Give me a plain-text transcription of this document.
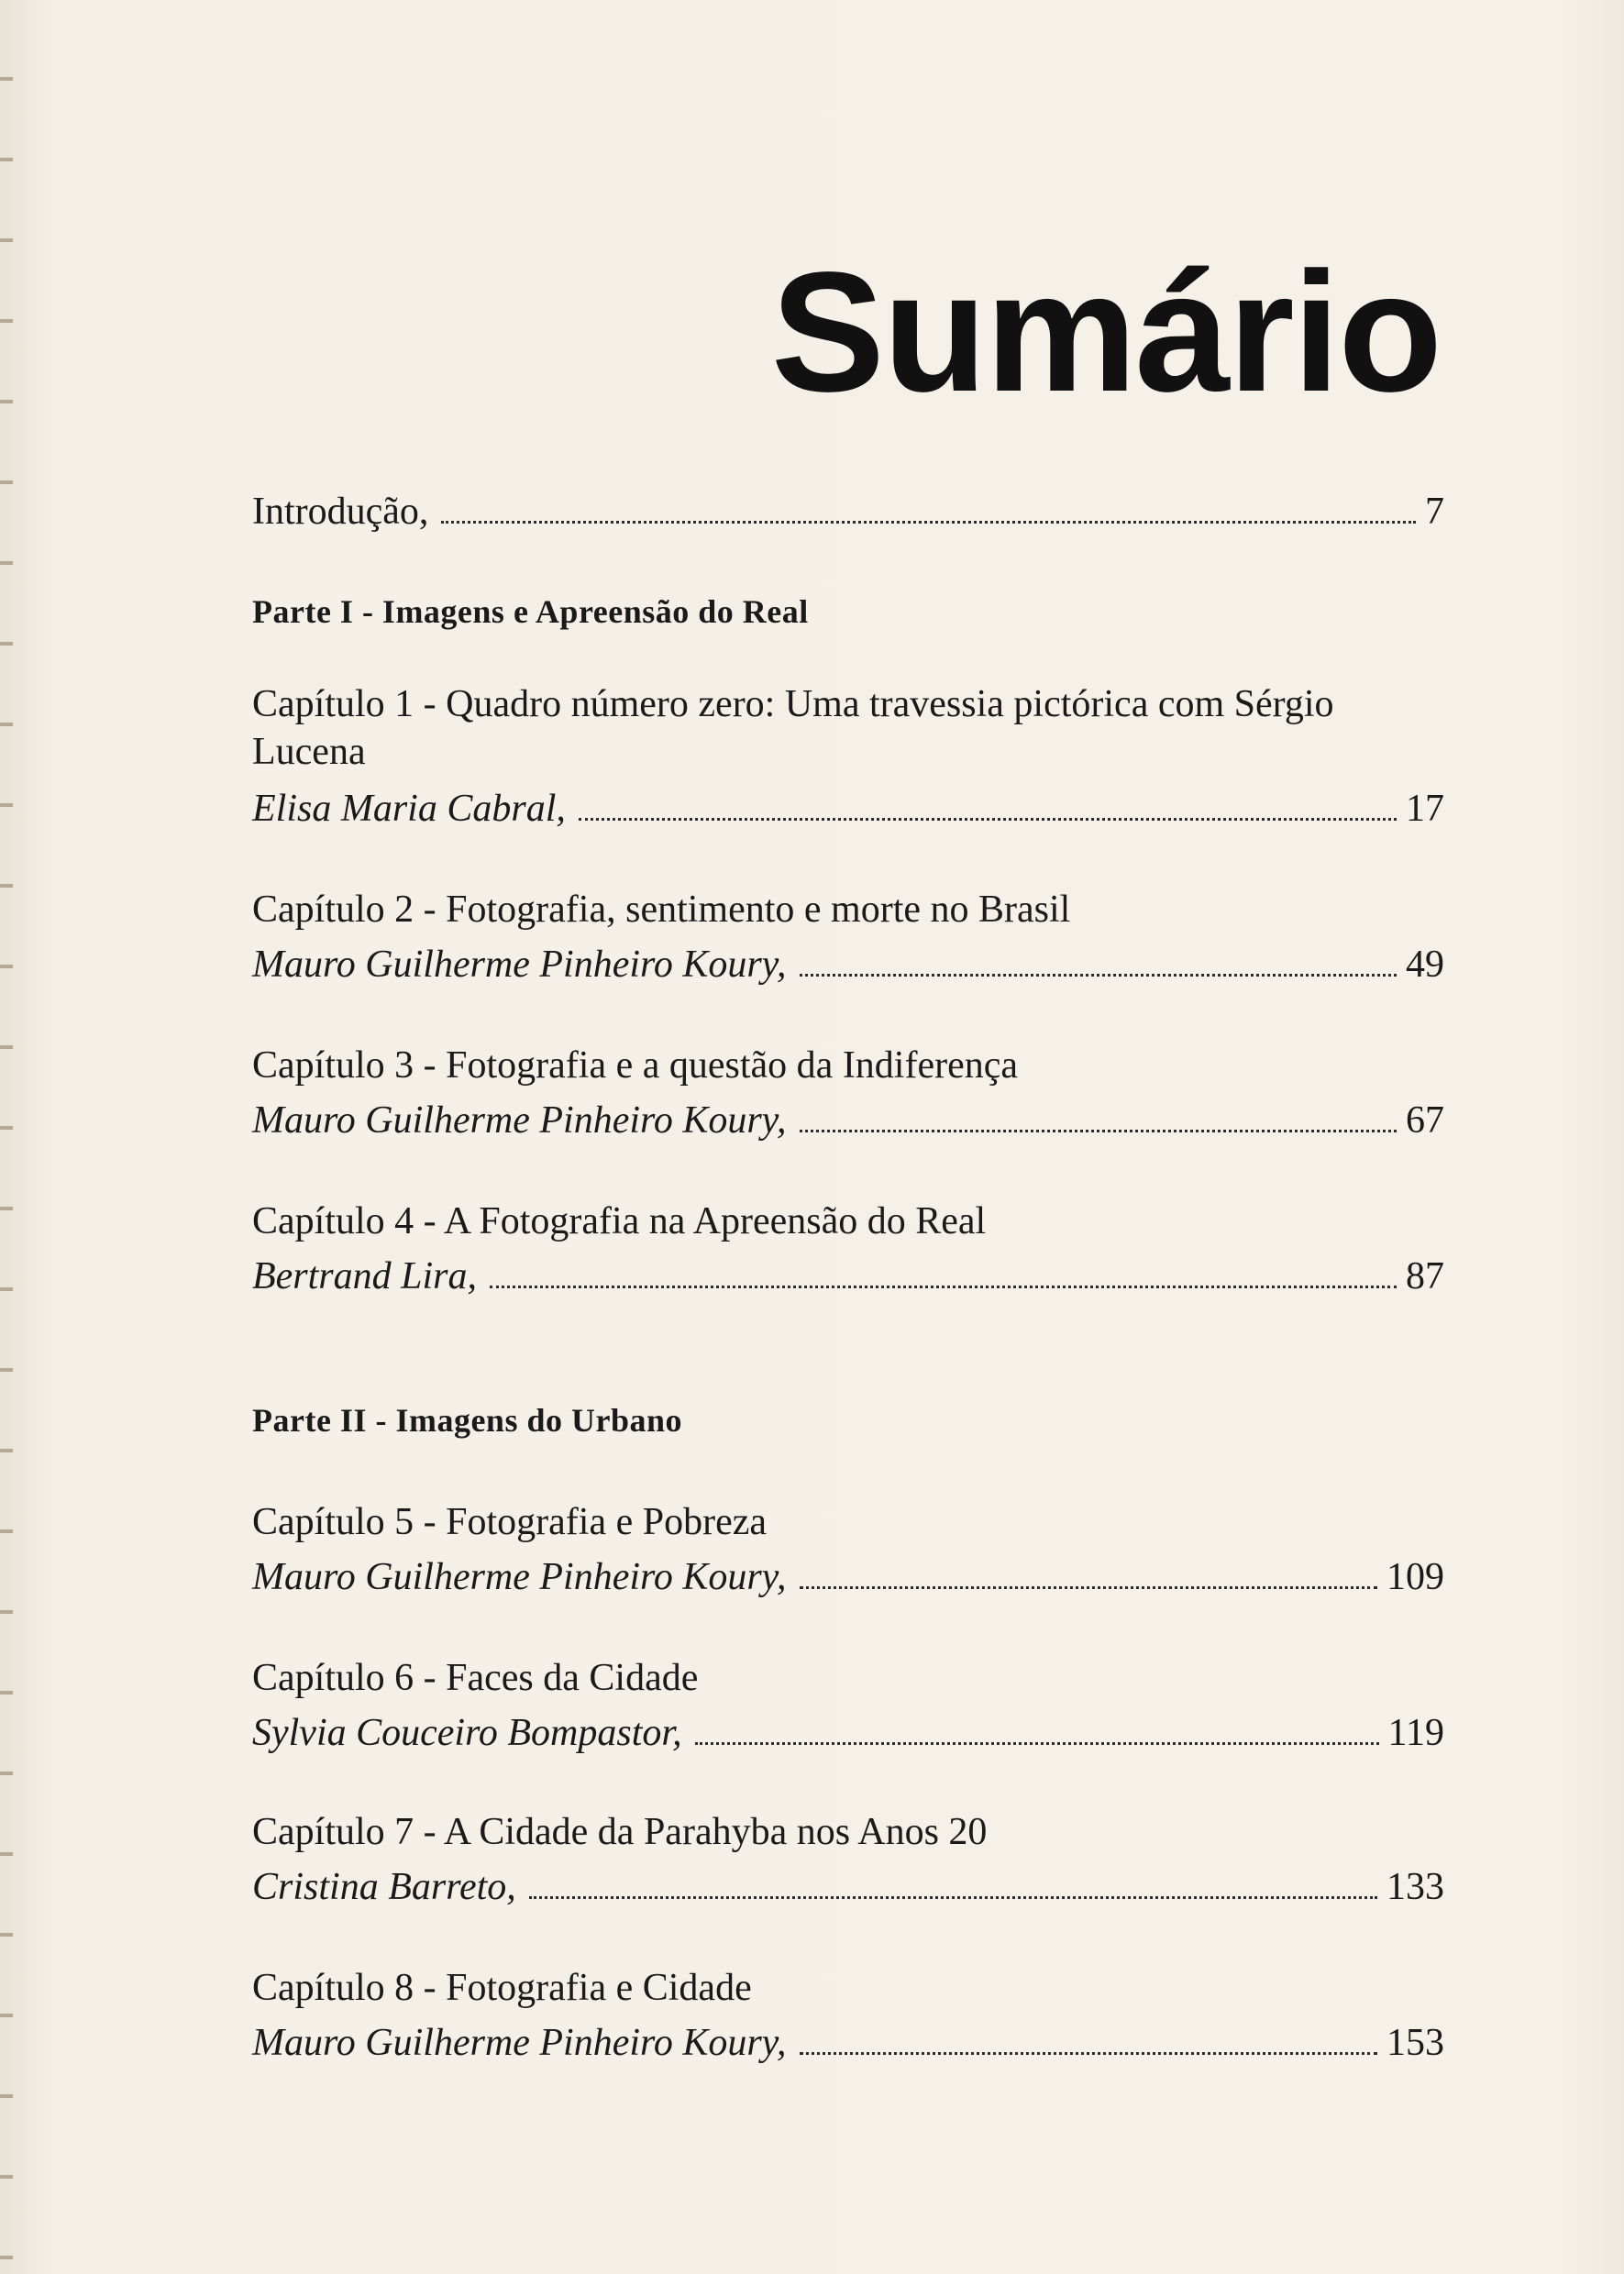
Sumário
Introdução,	7
Parte I - Imagens e Apreensão do Real
Capítulo 1 - Quadro número zero: Uma travessia pictórica com Sérgio Lucena
Elisa Maria Cabral,	17
Capítulo 2 - Fotografia, sentimento e morte no Brasil
Mauro Guilherme Pinheiro Koury,	49
Capítulo 3 - Fotografia e a questão da Indiferença
Mauro Guilherme Pinheiro Koury,	67
Capítulo 4 - A Fotografia na Apreensão do Real
Bertrand Lira,	87
Parte II - Imagens do Urbano
Capítulo 5 - Fotografia e Pobreza
Mauro Guilherme Pinheiro Koury,	109
Capítulo 6 - Faces da Cidade
Sylvia Couceiro Bompastor,	119
Capítulo 7 - A Cidade da Parahyba nos Anos 20
Cristina Barreto,	133
Capítulo 8 - Fotografia e Cidade
Mauro Guilherme Pinheiro Koury,	153
